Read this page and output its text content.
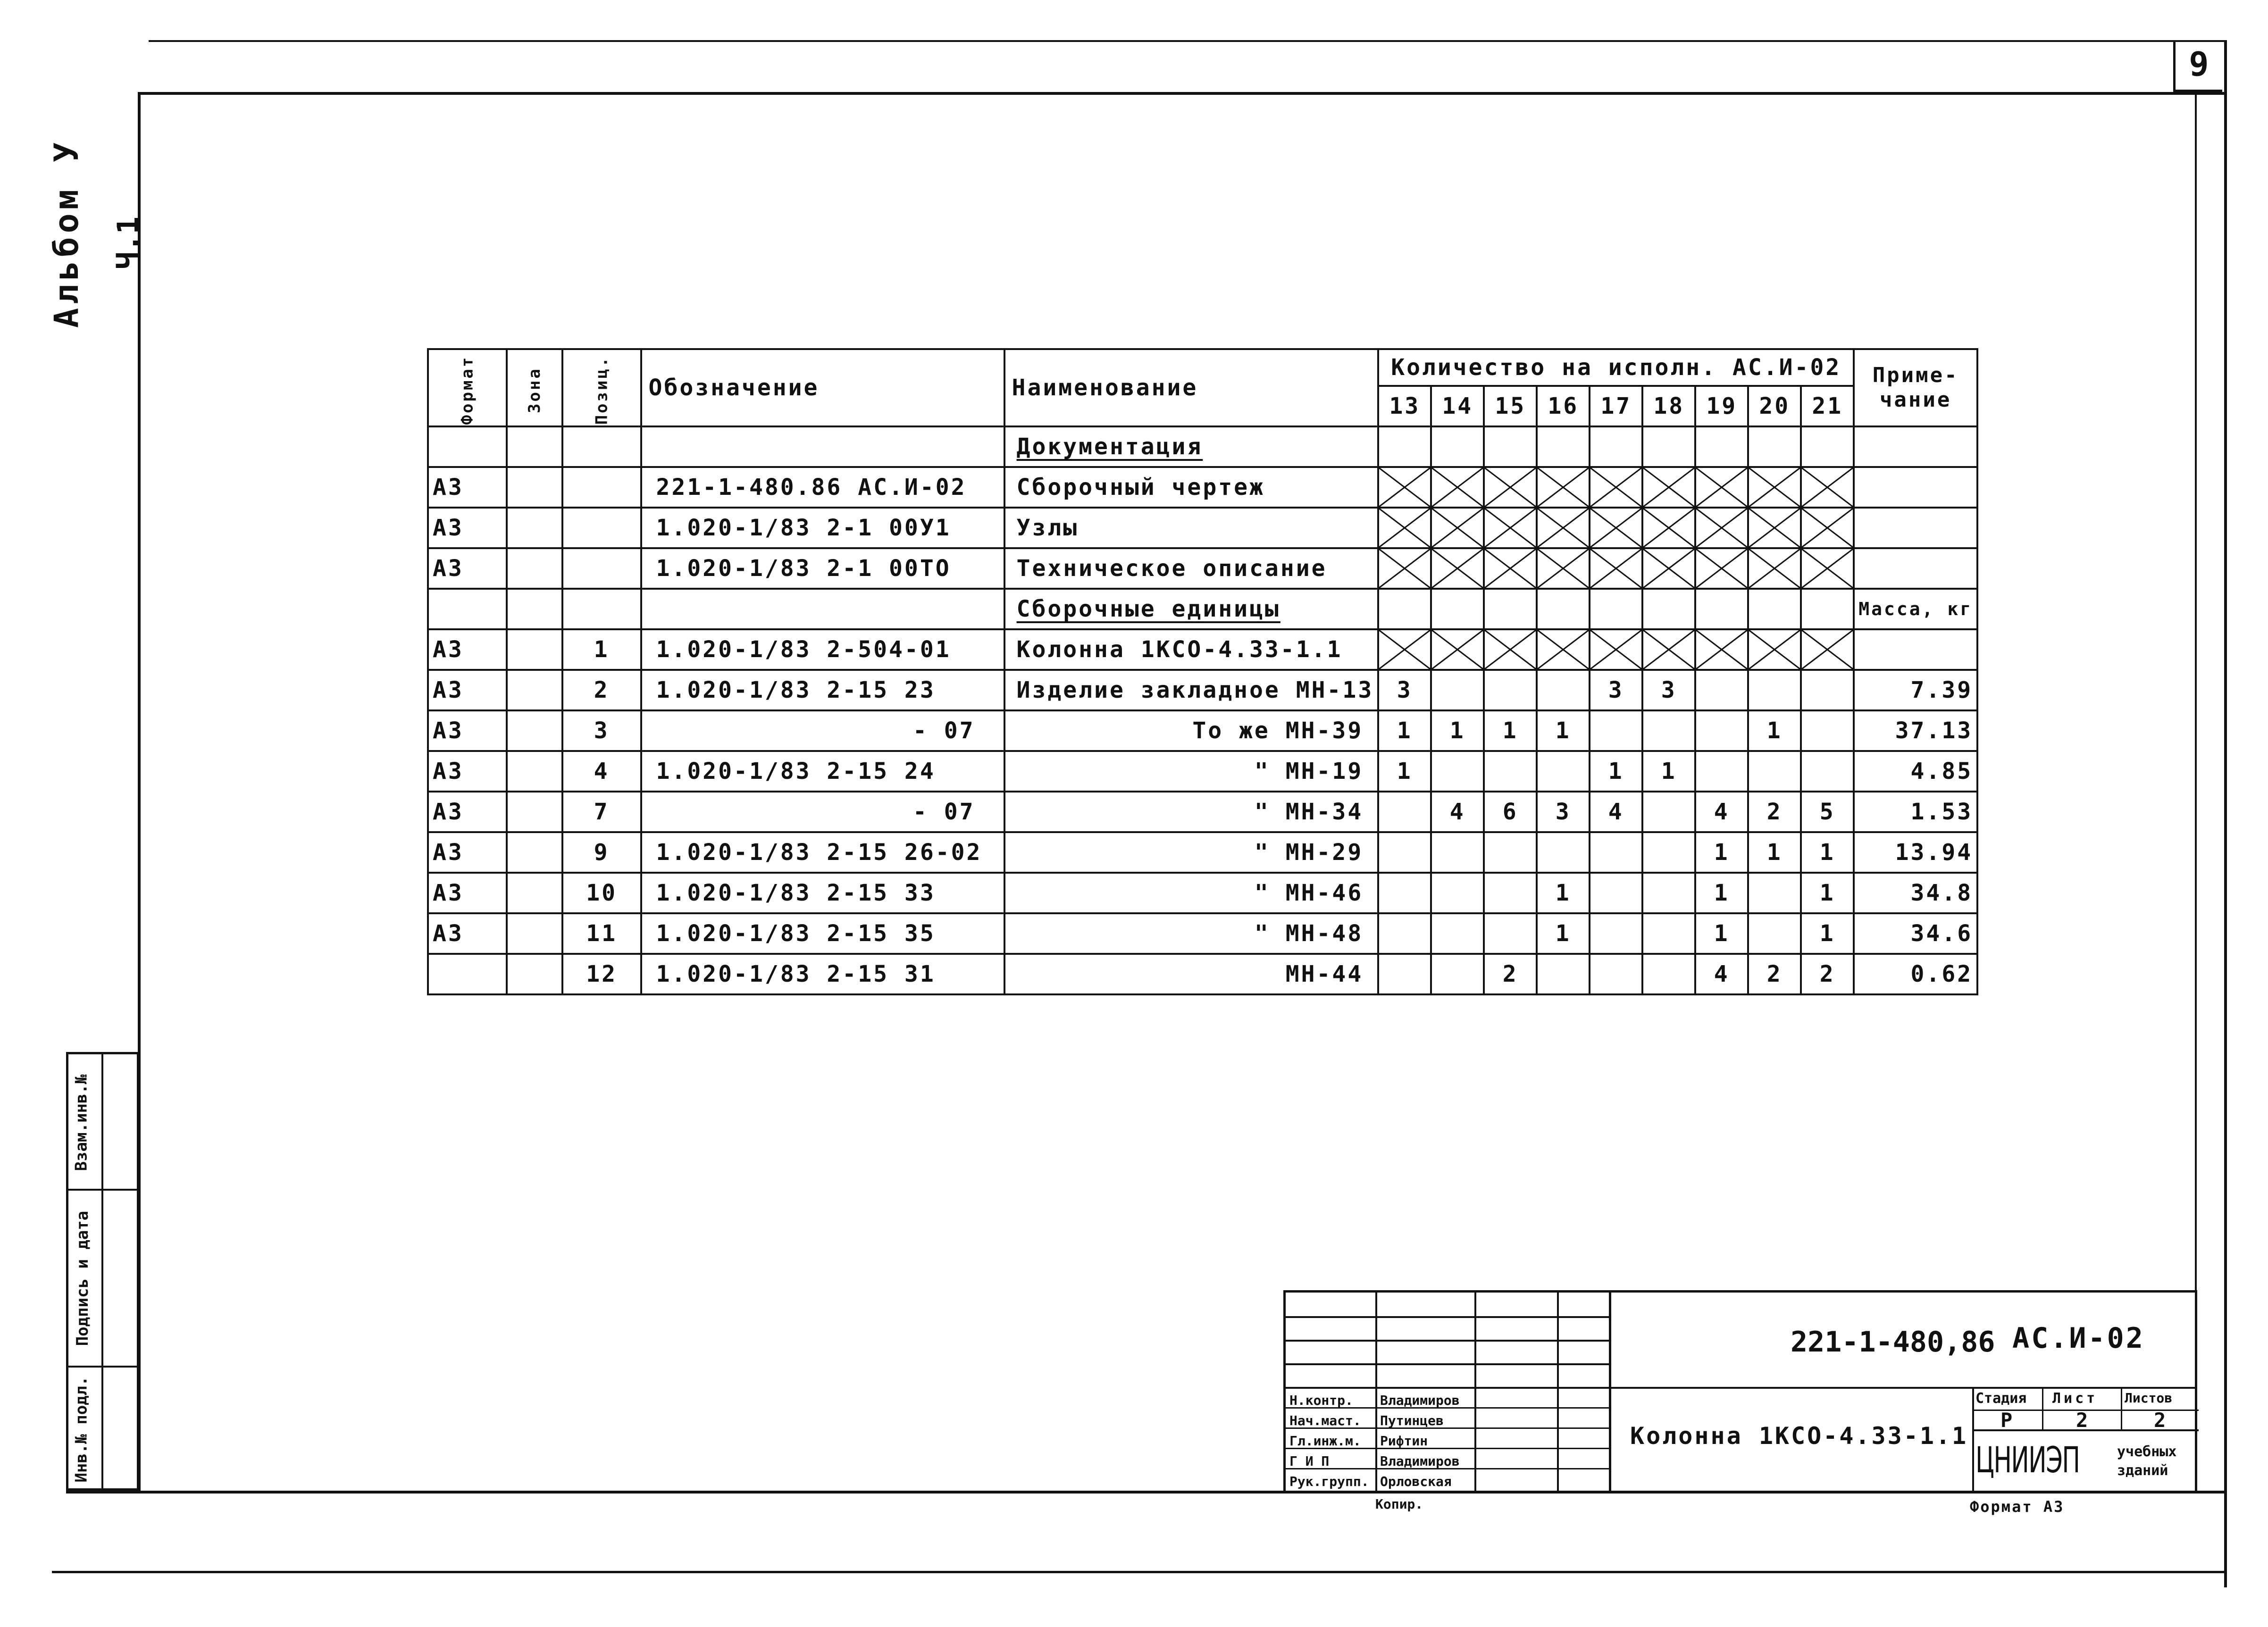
9
Альбом У Ч.1
Взам.инв.№
Подпись и дата
Инв.№ подл.
Формат	Зона	Позиц.	Обозначение	Наименование	Количество на исполн. АС.И-02									Приме-чание
					13	14	15	16	17	18	19	20	21	
				Документация										
А3			221-1-480.86 АС.И-02	Сборочный чертеж	

А3			1.020-1/83 2-1 00У1	Узлы	

А3			1.020-1/83 2-1 00ТО	Техническое описание	

				Сборочные единицы										Масса, кг
А3		1	1.020-1/83 2-504-01	Колонна 1КСО-4.33-1.1	

А3		2	1.020-1/83 2-15 23	Изделие закладное МН-13	3				3	3				7.39
А3		3	- 07	То же МН-39	1	1	1	1				1		37.13
А3		4	1.020-1/83 2-15 24	" МН-19	1				1	1				4.85
А3		7	- 07	" МН-34		4	6	3	4		4	2	5	1.53
А3		9	1.020-1/83 2-15 26-02	" МН-29							1	1	1	13.94
А3		10	1.020-1/83 2-15 33	" МН-46				1			1		1	34.8
А3		11	1.020-1/83 2-15 35	" МН-48				1			1		1	34.6
		12	1.020-1/83 2-15 31	МН-44			2				4	2	2	0.62
Н.контр. Владимиров
Нач.маст. Путинцев
Гл.инж.м. Рифтин
Г И П	Владимиров
Рук.групп. Орловская
221-1-480,86 АС.И-02
Колонна 1КСО-4.33-1.1
Стадия Лист Листов
Р	2	2
ЦНИИЭП	учебных зданий
Копир.	Формат А3
